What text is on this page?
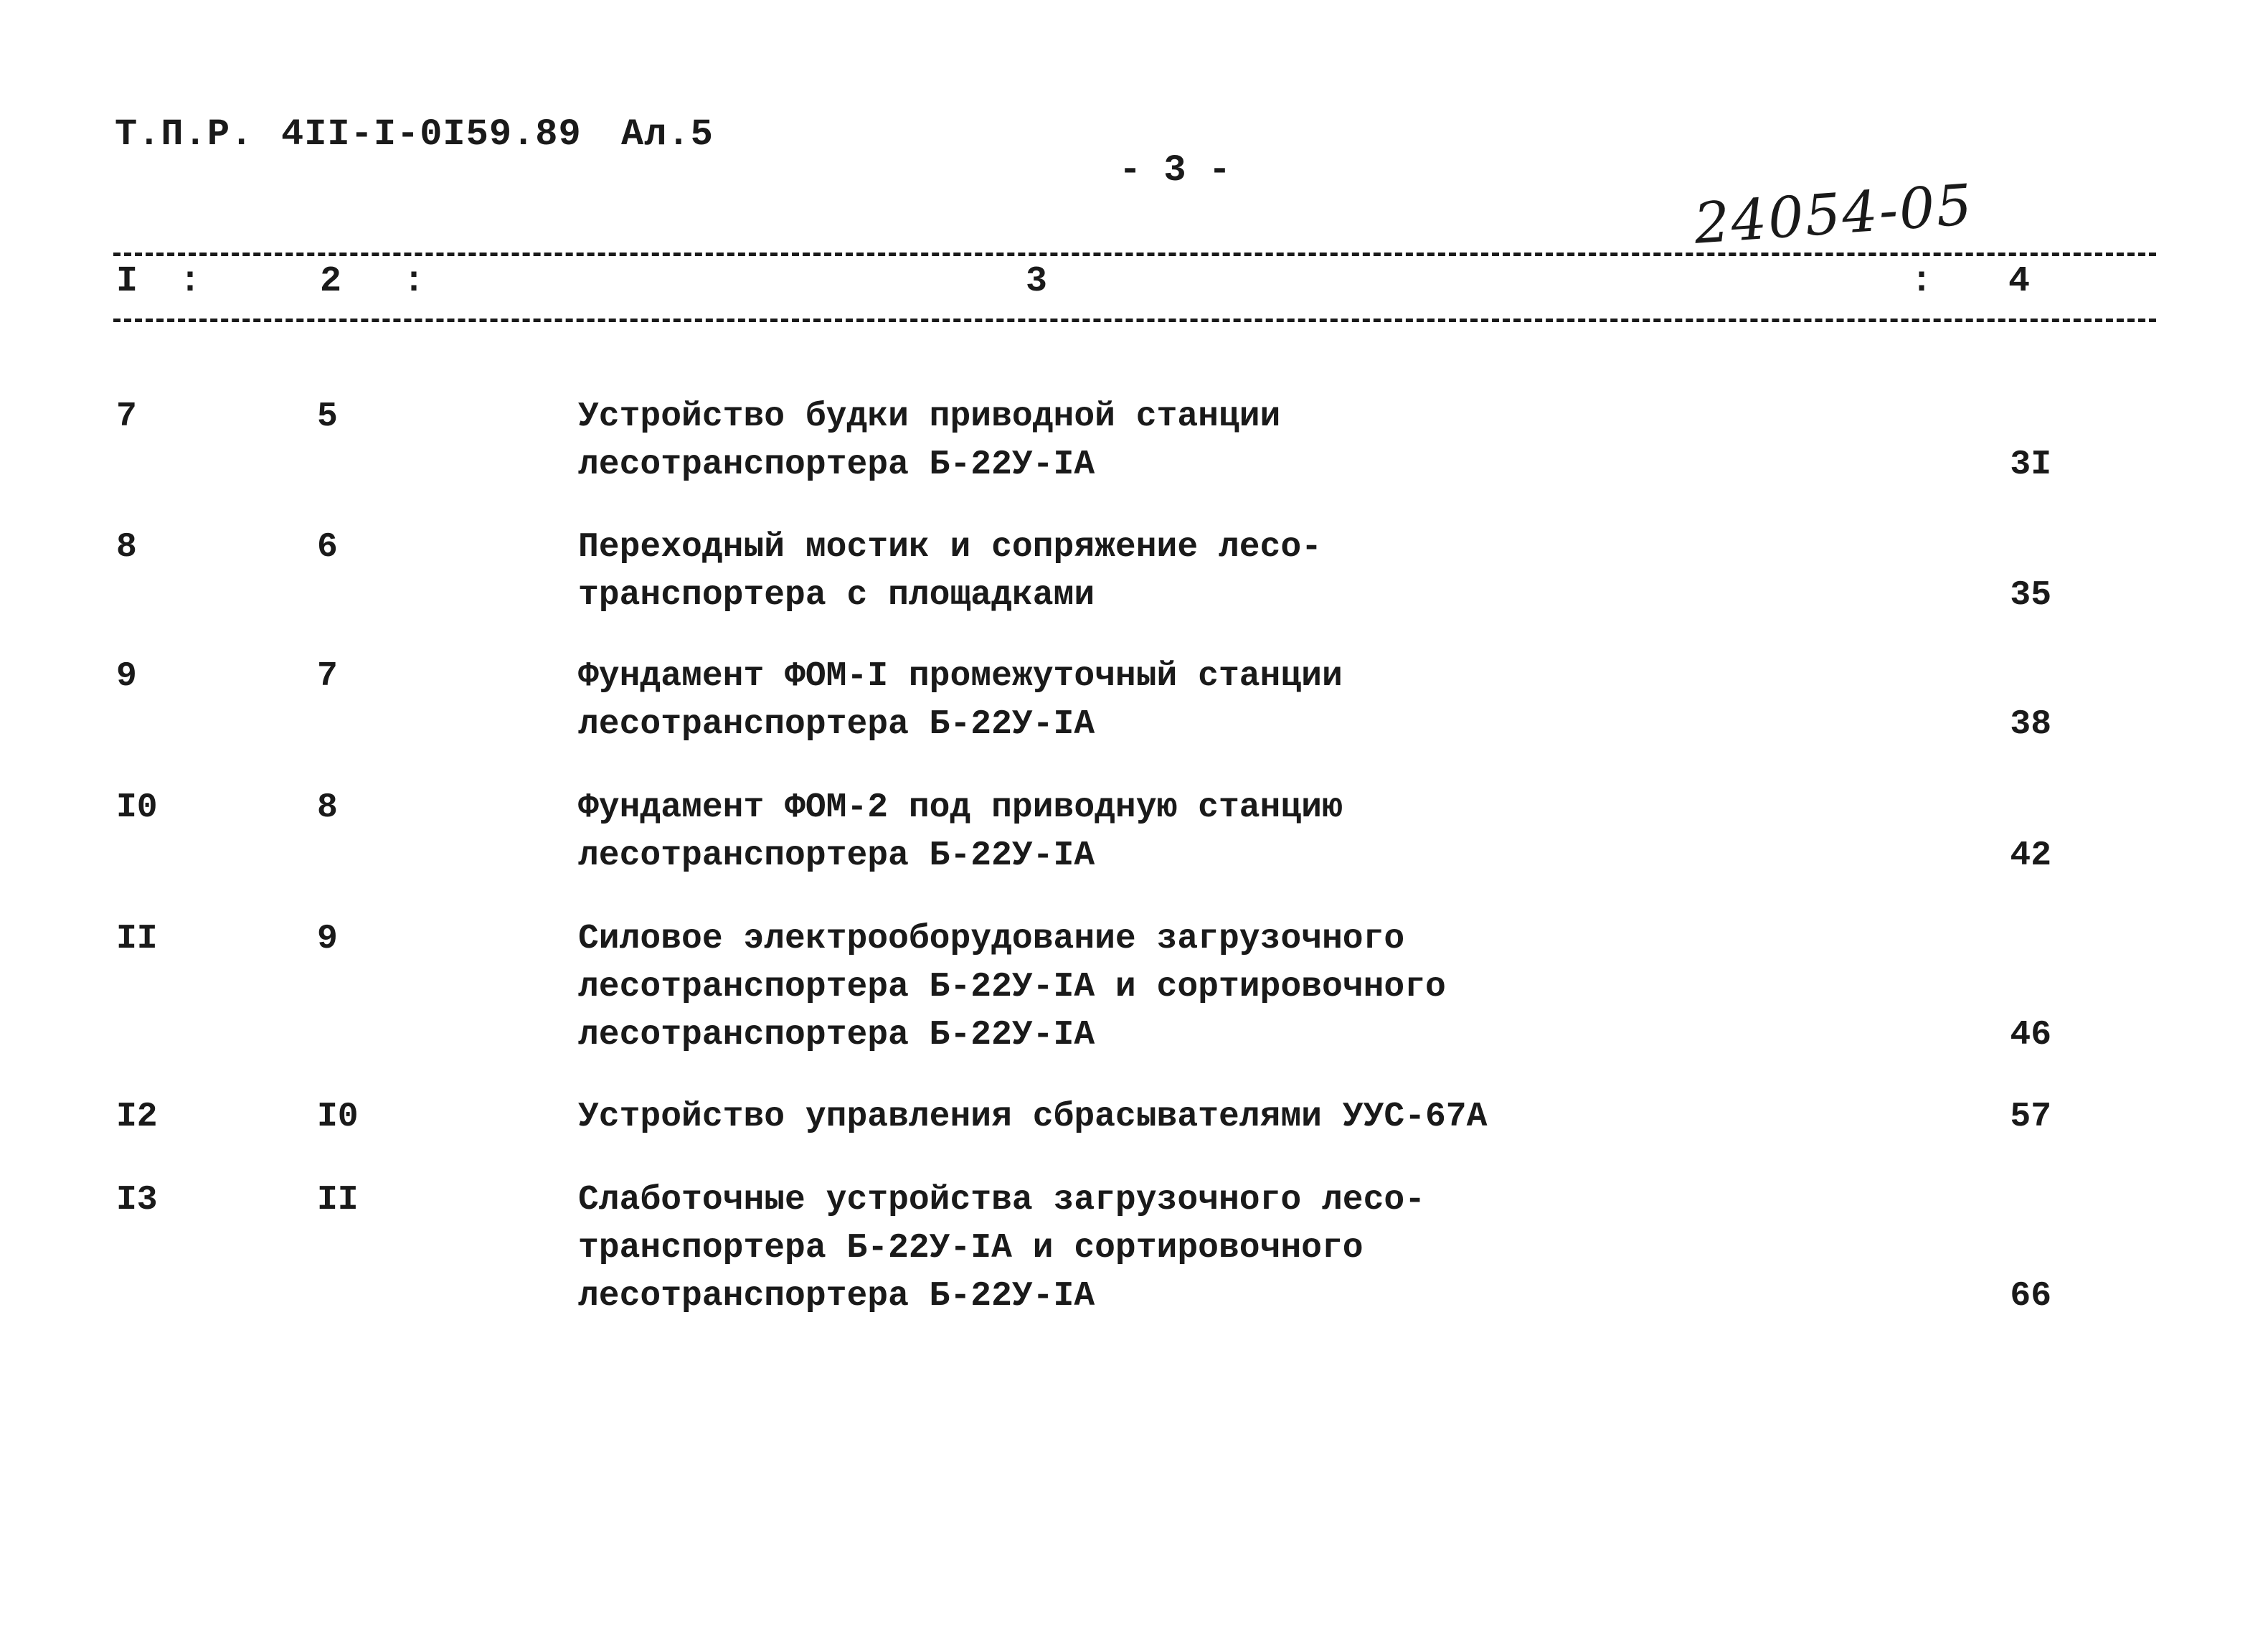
Т.П.Р. 4II-I-0I59.89 Ал.5
- 3 -
24054-05
I :	2 :	3	: 4
7	5	Устройство будки приводной станции
лесотранспортера Б-22У-IА	3I
8	6	Переходный мостик и сопряжение лесо-
транспортера с площадками	35
9	7	Фундамент ФОМ-I промежуточный станции
лесотранспортера Б-22У-IА	38
I0	8	Фундамент ФОМ-2 под приводную станцию
лесотранспортера Б-22У-IА	42
II	9	Силовое электрооборудование загрузочного
лесотранспортера Б-22У-IА и сортировочного
лесотранспортера Б-22У-IА	46
I2	I0	Устройство управления сбрасывателями УУС-67А	57
I3	II	Слаботочные устройства загрузочного лесо-
транспортера Б-22У-IА и сортировочного
лесотранспортера Б-22У-IА	66
